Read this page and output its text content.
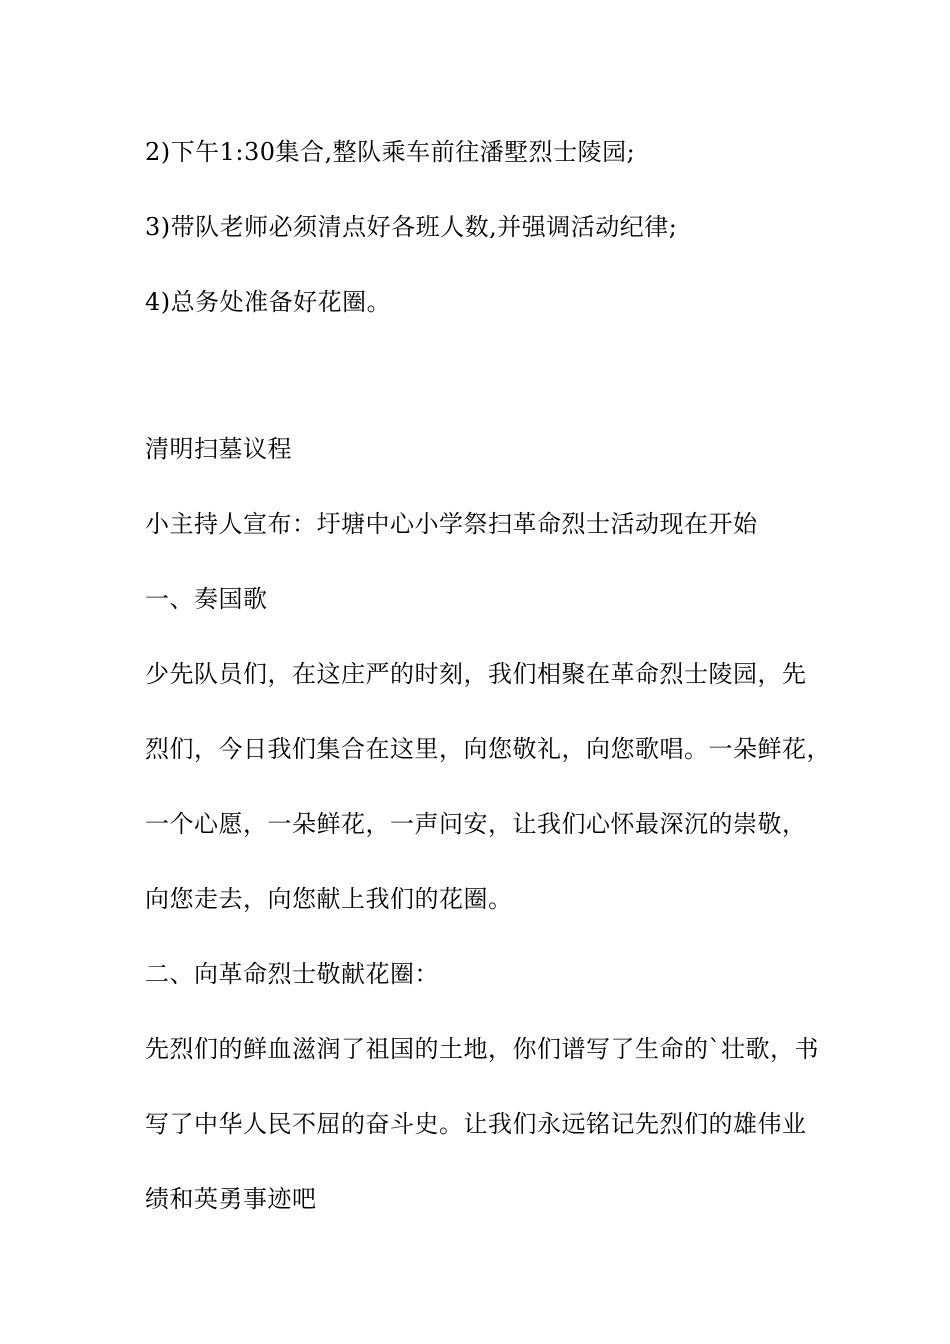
2)下午1:30集合,整队乘车前往潘墅烈士陵园;
3)带队老师必须清点好各班人数,并强调活动纪律;
4)总务处准备好花圈。
清明扫墓议程
小主持人宣布：圩塘中心小学祭扫革命烈士活动现在开始
一、奏国歌
少先队员们，在这庄严的时刻，我们相聚在革命烈士陵园，先
烈们，今日我们集合在这里，向您敬礼，向您歌唱。一朵鲜花，
一个心愿，一朵鲜花，一声问安，让我们心怀最深沉的崇敬，
向您走去，向您献上我们的花圈。
二、向革命烈士敬献花圈：
先烈们的鲜血滋润了祖国的土地，你们谱写了生命的`壮歌，书
写了中华人民不屈的奋斗史。让我们永远铭记先烈们的雄伟业
绩和英勇事迹吧
